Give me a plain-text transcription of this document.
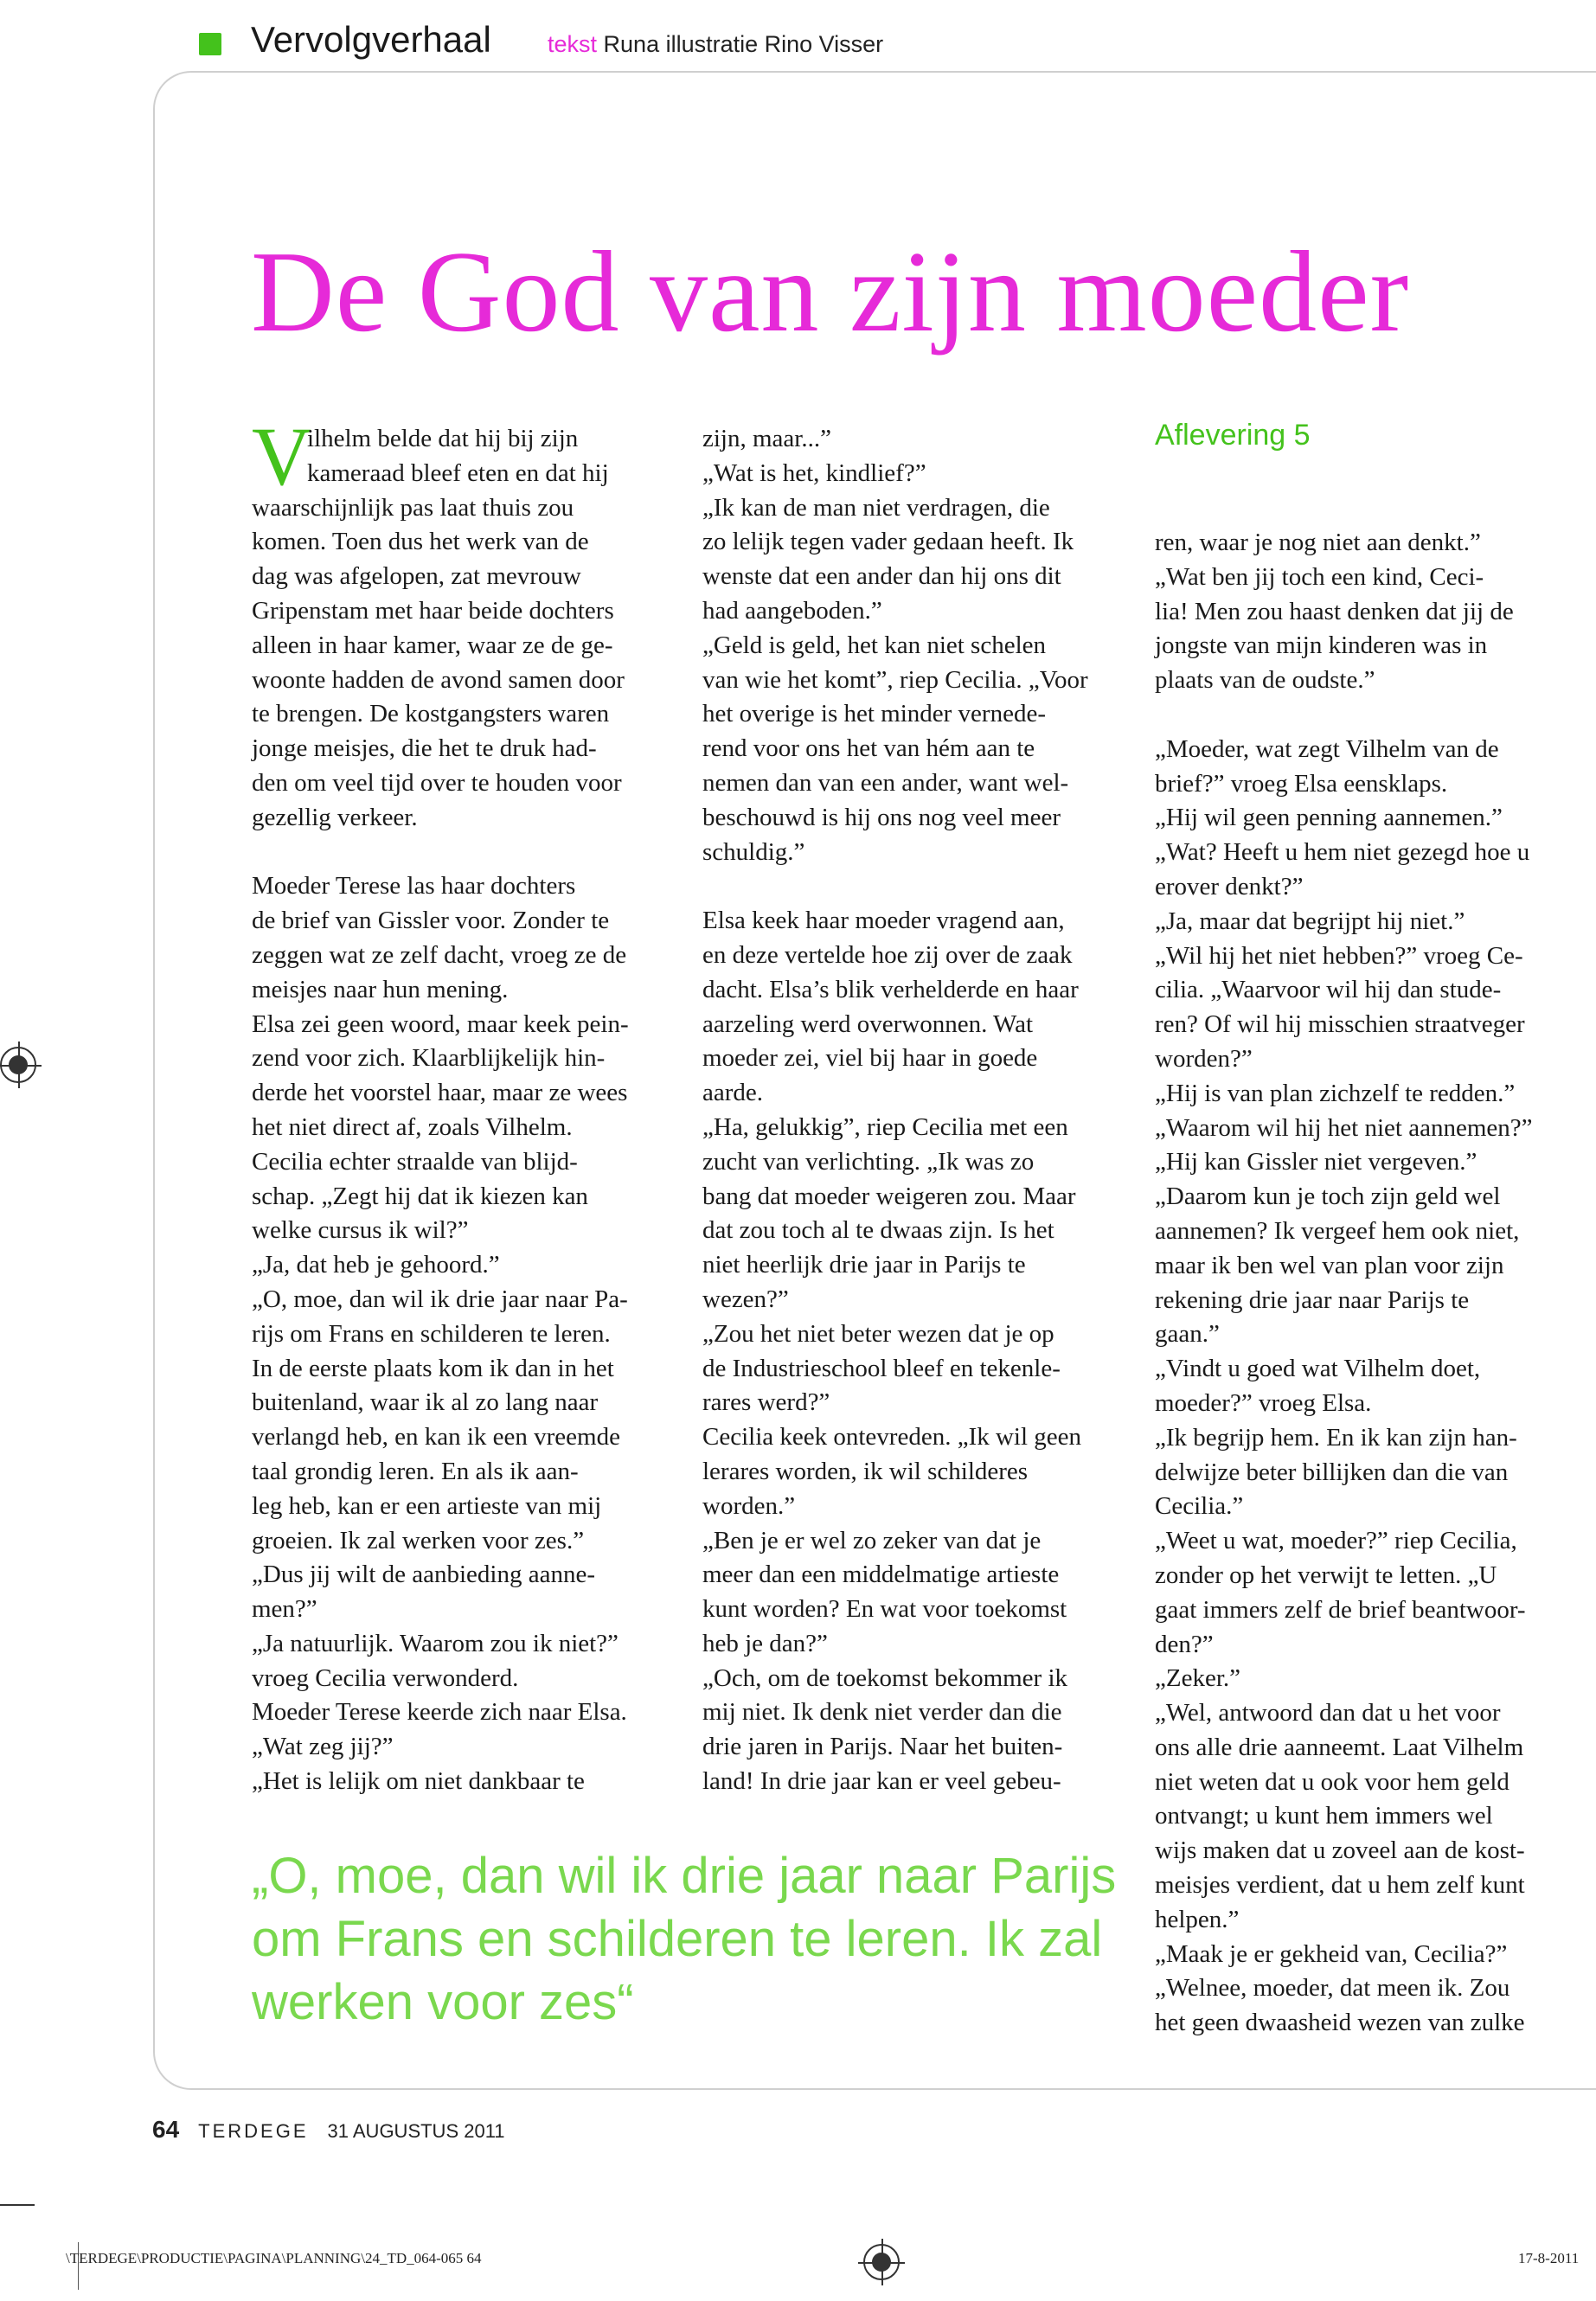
Vervolgverhaal tekst Runa illustratie Rino Visser
De God van zijn moeder
V	Aflevering 5

ilhelm belde dat hij bij zijn

kameraad bleef eten en dat hij

waarschijnlijk pas laat thuis zou

komen. Toen dus het werk van de

dag was afgelopen, zat mevrouw

Gripenstam met haar beide dochters

alleen in haar kamer, waar ze de ge-

woonte hadden de avond samen door

te brengen. De kostgangsters waren

jonge meisjes, die het te druk had-

den om veel tijd over te houden voor

gezellig verkeer.

Moeder Terese las haar dochters

de brief van Gissler voor. Zonder te

zeggen wat ze zelf dacht, vroeg ze de

meisjes naar hun mening.

Elsa zei geen woord, maar keek pein-

zend voor zich. Klaarblijkelijk hin-

derde het voorstel haar, maar ze wees

het niet direct af, zoals Vilhelm.

Cecilia echter straalde van blijd-

schap. „Zegt hij dat ik kiezen kan

welke cursus ik wil?”

„Ja, dat heb je gehoord.”

„O, moe, dan wil ik drie jaar naar Pa-

rijs om Frans en schilderen te leren.

In de eerste plaats kom ik dan in het

buitenland, waar ik al zo lang naar

verlangd heb, en kan ik een vreemde

taal grondig leren. En als ik aan-

leg heb, kan er een artieste van mij

groeien. Ik zal werken voor zes.”

„Dus jij wilt de aanbieding aanne-

men?”

„Ja natuurlijk. Waarom zou ik niet?”

vroeg Cecilia verwonderd.

Moeder Terese keerde zich naar Elsa.

„Wat zeg jij?”

„Het is lelijk om niet dankbaar te

zijn, maar...”

„Wat is het, kindlief?”

„Ik kan de man niet verdragen, die

zo lelijk tegen vader gedaan heeft. Ik

wenste dat een ander dan hij ons dit

had aangeboden.”

„Geld is geld, het kan niet schelen

van wie het komt”, riep Cecilia. „Voor

het overige is het minder vernede-

rend voor ons het van hém aan te

nemen dan van een ander, want wel-

beschouwd is hij ons nog veel meer

schuldig.”

Elsa keek haar moeder vragend aan,

en deze vertelde hoe zij over de zaak

dacht. Elsa’s blik verhelderde en haar

aarzeling werd overwonnen. Wat

moeder zei, viel bij haar in goede

aarde.

„Ha, gelukkig”, riep Cecilia met een

zucht van verlichting. „Ik was zo

bang dat moeder weigeren zou. Maar

dat zou toch al te dwaas zijn. Is het

niet heerlijk drie jaar in Parijs te

wezen?”

„Zou het niet beter wezen dat je op

de Industrieschool bleef en tekenle-

rares werd?”

Cecilia keek ontevreden. „Ik wil geen

lerares worden, ik wil schilderes

worden.”

„Ben je er wel zo zeker van dat je

meer dan een middelmatige artieste

kunt worden? En wat voor toekomst

heb je dan?”

„Och, om de toekomst bekommer ik

mij niet. Ik denk niet verder dan die

drie jaren in Parijs. Naar het buiten-

land! In drie jaar kan er veel gebeu-

ren, waar je nog niet aan denkt.”

„Wat ben jij toch een kind, Ceci-

lia! Men zou haast denken dat jij de

jongste van mijn kinderen was in

plaats van de oudste.”

„Moeder, wat zegt Vilhelm van de

brief?” vroeg Elsa eensklaps.

„Hij wil geen penning aannemen.”

„Wat? Heeft u hem niet gezegd hoe u

erover denkt?”

„Ja, maar dat begrijpt hij niet.”

„Wil hij het niet hebben?” vroeg Ce-

cilia. „Waarvoor wil hij dan stude-

ren? Of wil hij misschien straatveger

worden?”

„Hij is van plan zichzelf te redden.”

„Waarom wil hij het niet aannemen?”

„Hij kan Gissler niet vergeven.”

„Daarom kun je toch zijn geld wel

aannemen? Ik vergeef hem ook niet,

maar ik ben wel van plan voor zijn

rekening drie jaar naar Parijs te

gaan.”

„Vindt u goed wat Vilhelm doet,

moeder?” vroeg Elsa.

„Ik begrijp hem. En ik kan zijn han-

delwijze beter billijken dan die van

Cecilia.”

„Weet u wat, moeder?” riep Cecilia,

zonder op het verwijt te letten. „U

gaat immers zelf de brief beantwoor-

den?”

„Zeker.”

„Wel, antwoord dan dat u het voor

ons alle drie aanneemt. Laat Vilhelm

niet weten dat u ook voor hem geld

ontvangt; u kunt hem immers wel

wijs maken dat u zoveel aan de kost-

meisjes verdient, dat u hem zelf kunt

helpen.”

„Maak je er gekheid van, Cecilia?”

„Welnee, moeder, dat meen ik. Zou

het geen dwaasheid wezen van zulke

„O, moe, dan wil ik drie jaar naar Parijs

om Frans en schilderen te leren. Ik zal

werken voor zes“

64 TERDEGE 31 AUGUSTUS 2011
\TERDEGE\PRODUCTIE\PAGINA\PLANNING\24_TD_064-065 64	17-8-2011
